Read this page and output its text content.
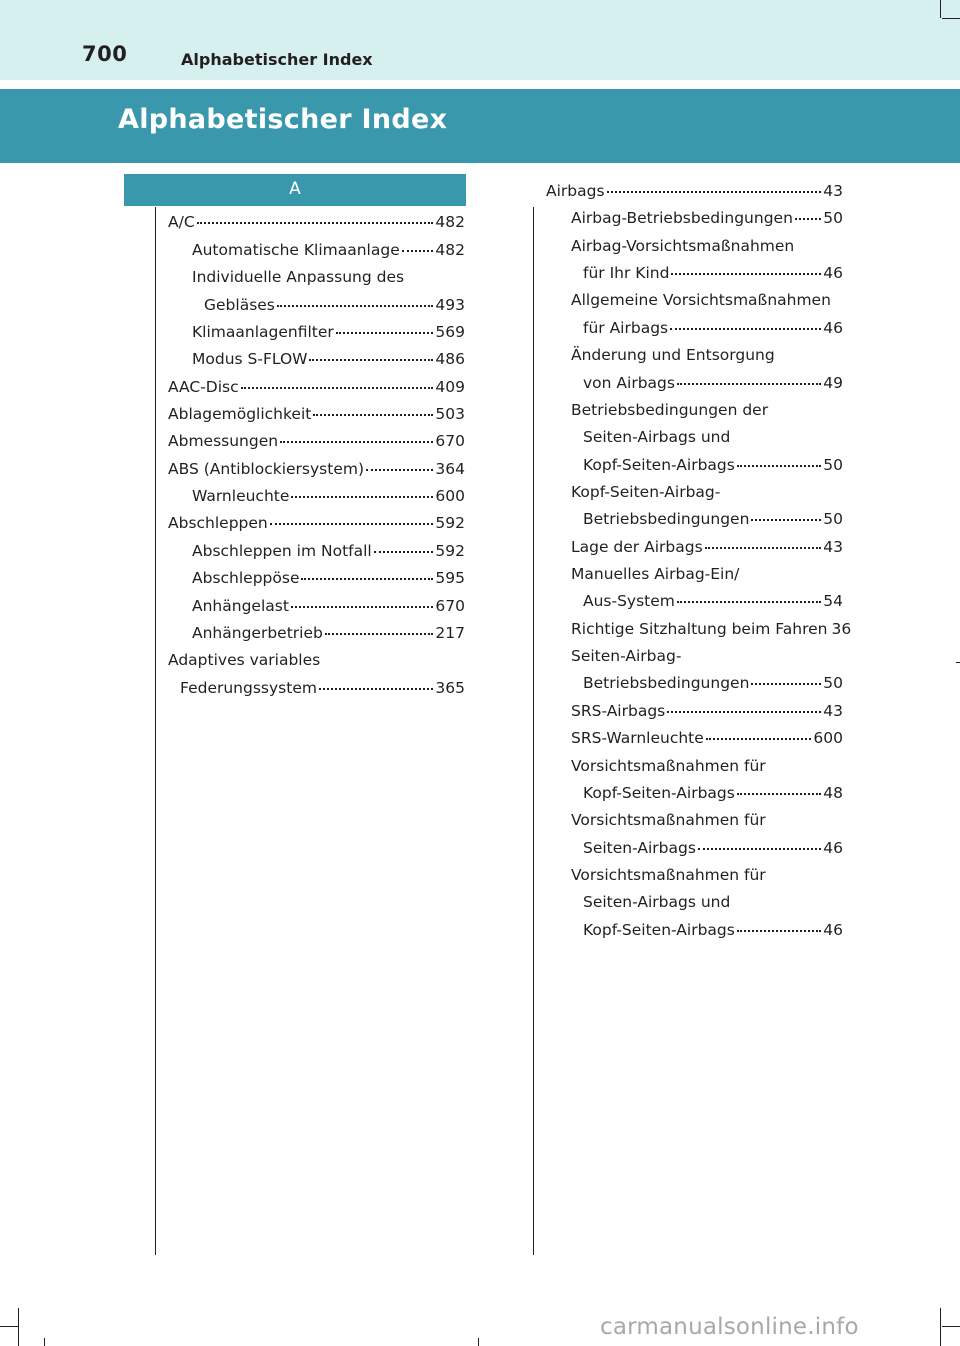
700	Alphabetischer Index
Alphabetischer Index
A
A/C	482
Automatische Klimaanlage 482
Individuelle Anpassung des
Gebläses	493
Klimaanlagenfilter	569
Modus S-FLOW	486
AAC-Disc	409
Ablagemöglichkeit	503
Abmessungen	670
ABS (Antiblockiersystem)	364
Warnleuchte	600
Abschleppen	592
Abschleppen im Notfall	592
Abschleppöse	595
Anhängelast	670
Anhängerbetrieb	217
Adaptives variables
Federungssystem	365
Airbags	43
Airbag-Betriebsbedingungen 50
Airbag-Vorsichtsmaßnahmen
für Ihr Kind	46
Allgemeine Vorsichtsmaßnahmen
für Airbags	46
Änderung und Entsorgung
von Airbags	49
Betriebsbedingungen der
Seiten-Airbags und
Kopf-Seiten-Airbags	50
Kopf-Seiten-Airbag-
Betriebsbedingungen	50
Lage der Airbags	43
Manuelles Airbag-Ein/
Aus-System	54
Richtige Sitzhaltung beim Fahren 36
Seiten-Airbag-
Betriebsbedingungen	50
SRS-Airbags	43
SRS-Warnleuchte	600
Vorsichtsmaßnahmen für
Kopf-Seiten-Airbags	48
Vorsichtsmaßnahmen für
Seiten-Airbags	46
Vorsichtsmaßnahmen für
Seiten-Airbags und
Kopf-Seiten-Airbags	46
carmanualsonline.info
